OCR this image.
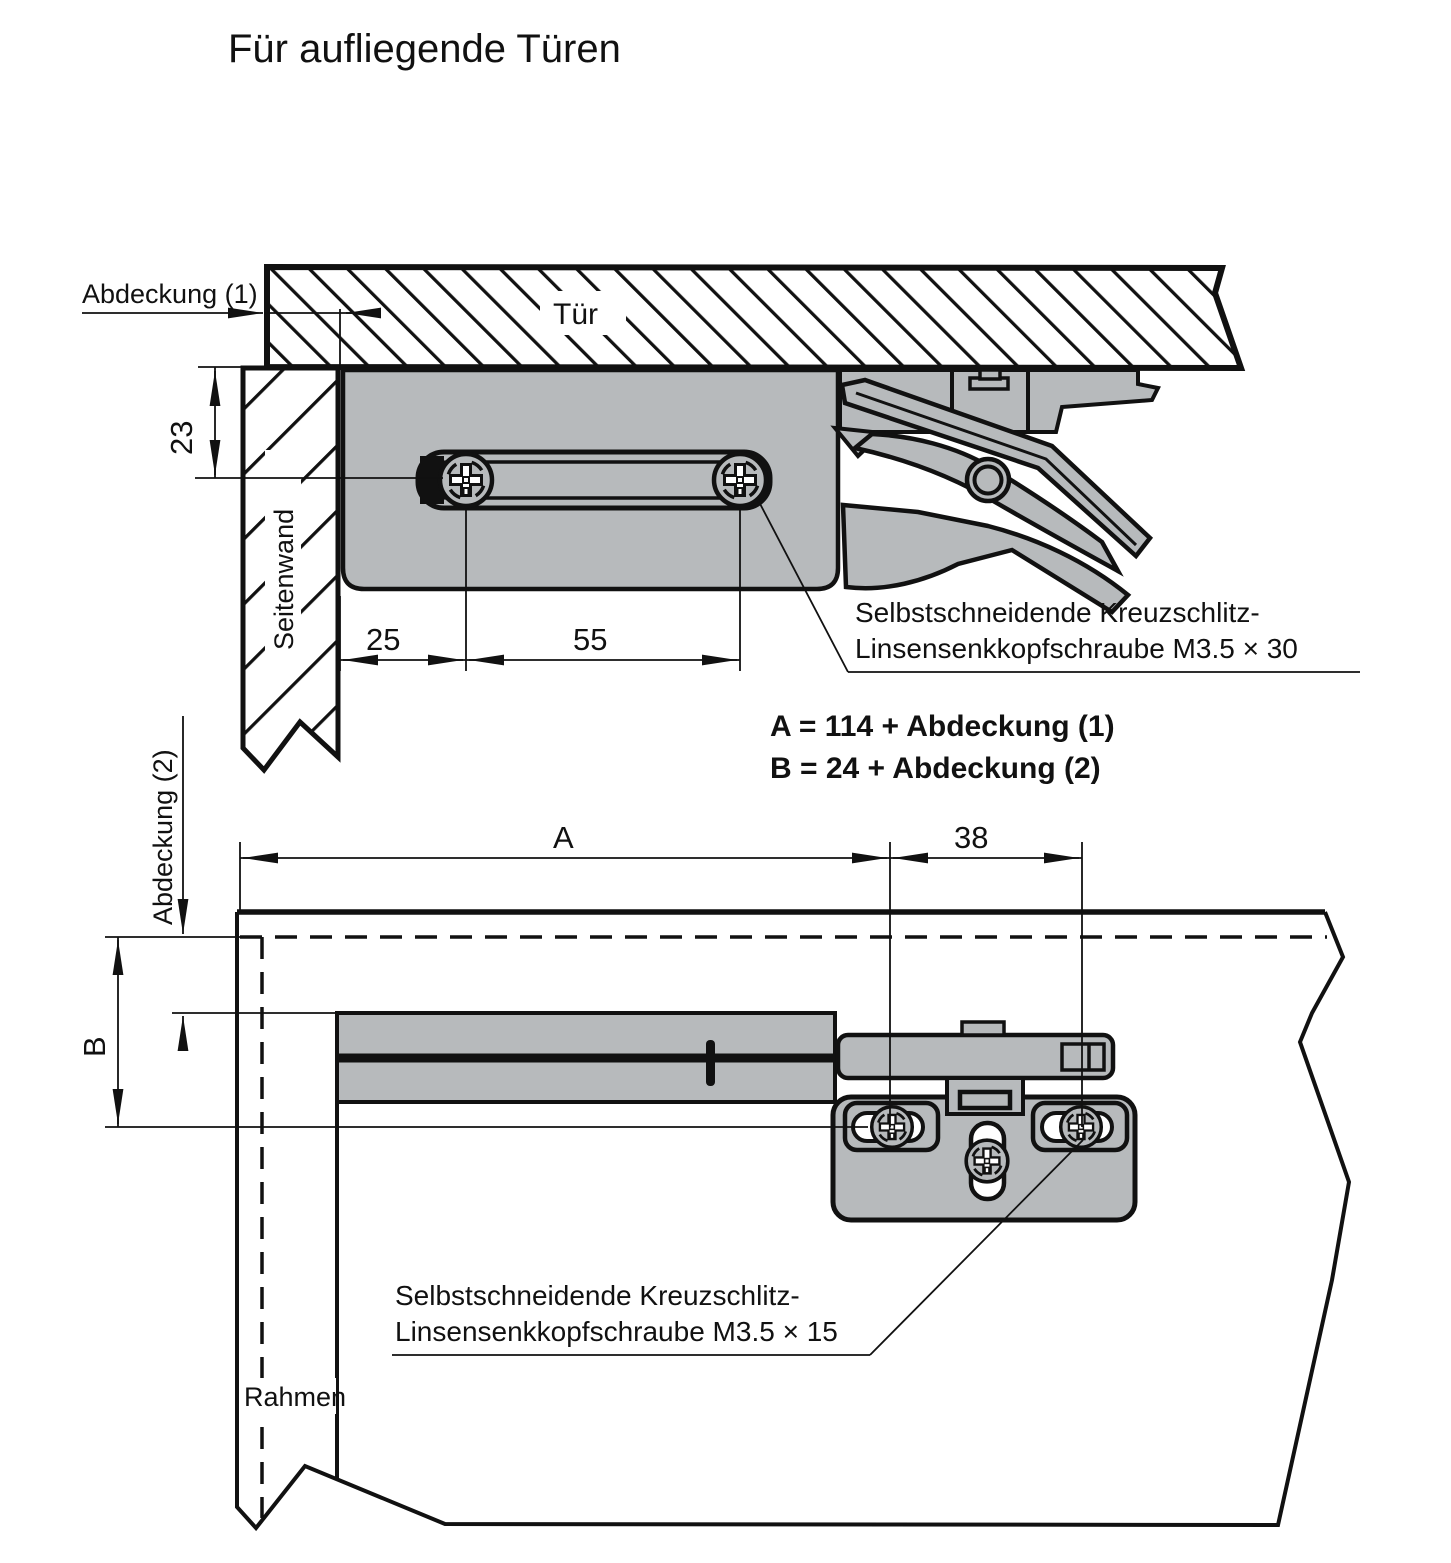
Für aufliegende Türen
Tür
Seitenwand
Abdeckung (1)
23
25	55
Selbstschneidende Kreuzschlitz-
Linsensenkkopfschraube M3.5 × 30
A = 114 + Abdeckung (1)
B = 24 + Abdeckung (2)
A	38
B
Abdeckung (2)
Selbstschneidende Kreuzschlitz-
Linsensenkkopfschraube M3.5 × 15
Rahmen
